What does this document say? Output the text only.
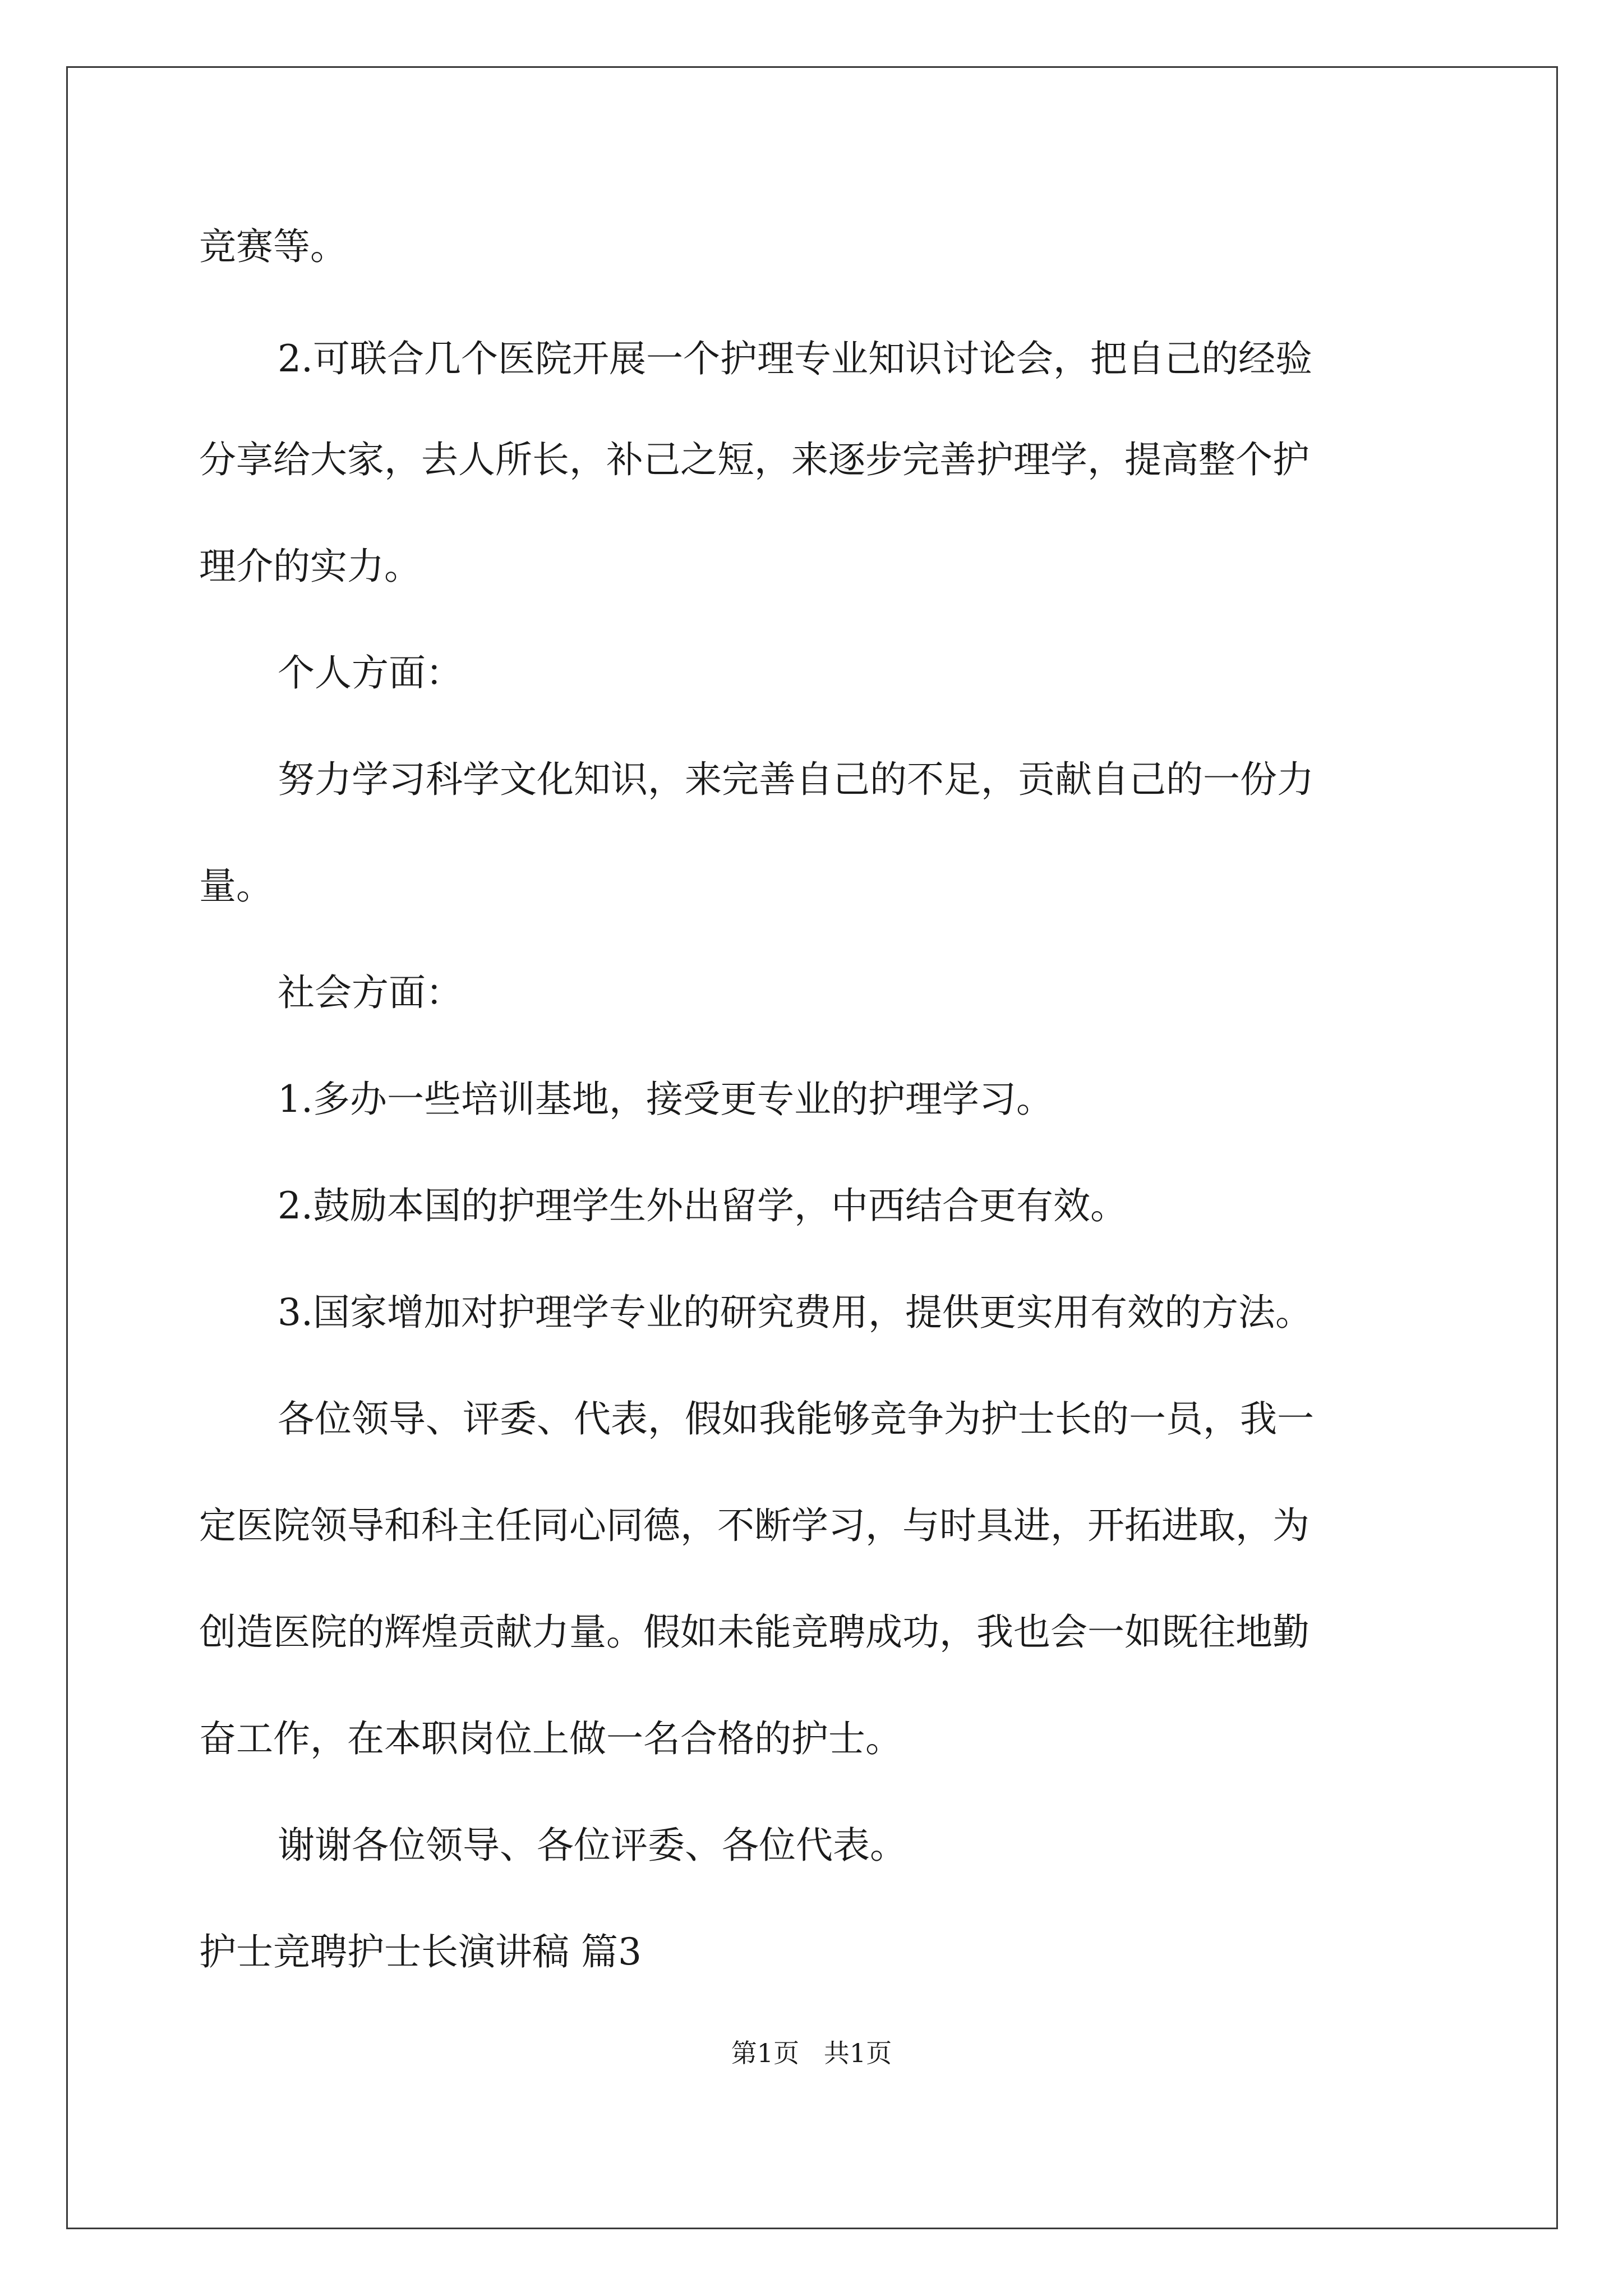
竞赛等。

2.可联合几个医院开展一个护理专业知识讨论会，把自己的经验

分享给大家，去人所长，补己之短，来逐步完善护理学，提高整个护

理介的实力。

个人方面：

努力学习科学文化知识，来完善自己的不足，贡献自己的一份力

量。

社会方面：

1.多办一些培训基地，接受更专业的护理学习。

2.鼓励本国的护理学生外出留学，中西结合更有效。

3.国家增加对护理学专业的研究费用，提供更实用有效的方法。

各位领导、评委、代表，假如我能够竞争为护士长的一员，我一

定医院领导和科主任同心同德，不断学习，与时具进，开拓进取，为

创造医院的辉煌贡献力量。假如未能竞聘成功，我也会一如既往地勤

奋工作，在本职岗位上做一名合格的护士。

谢谢各位领导、各位评委、各位代表。

护士竞聘护士长演讲稿 篇3

第1页   共1页
